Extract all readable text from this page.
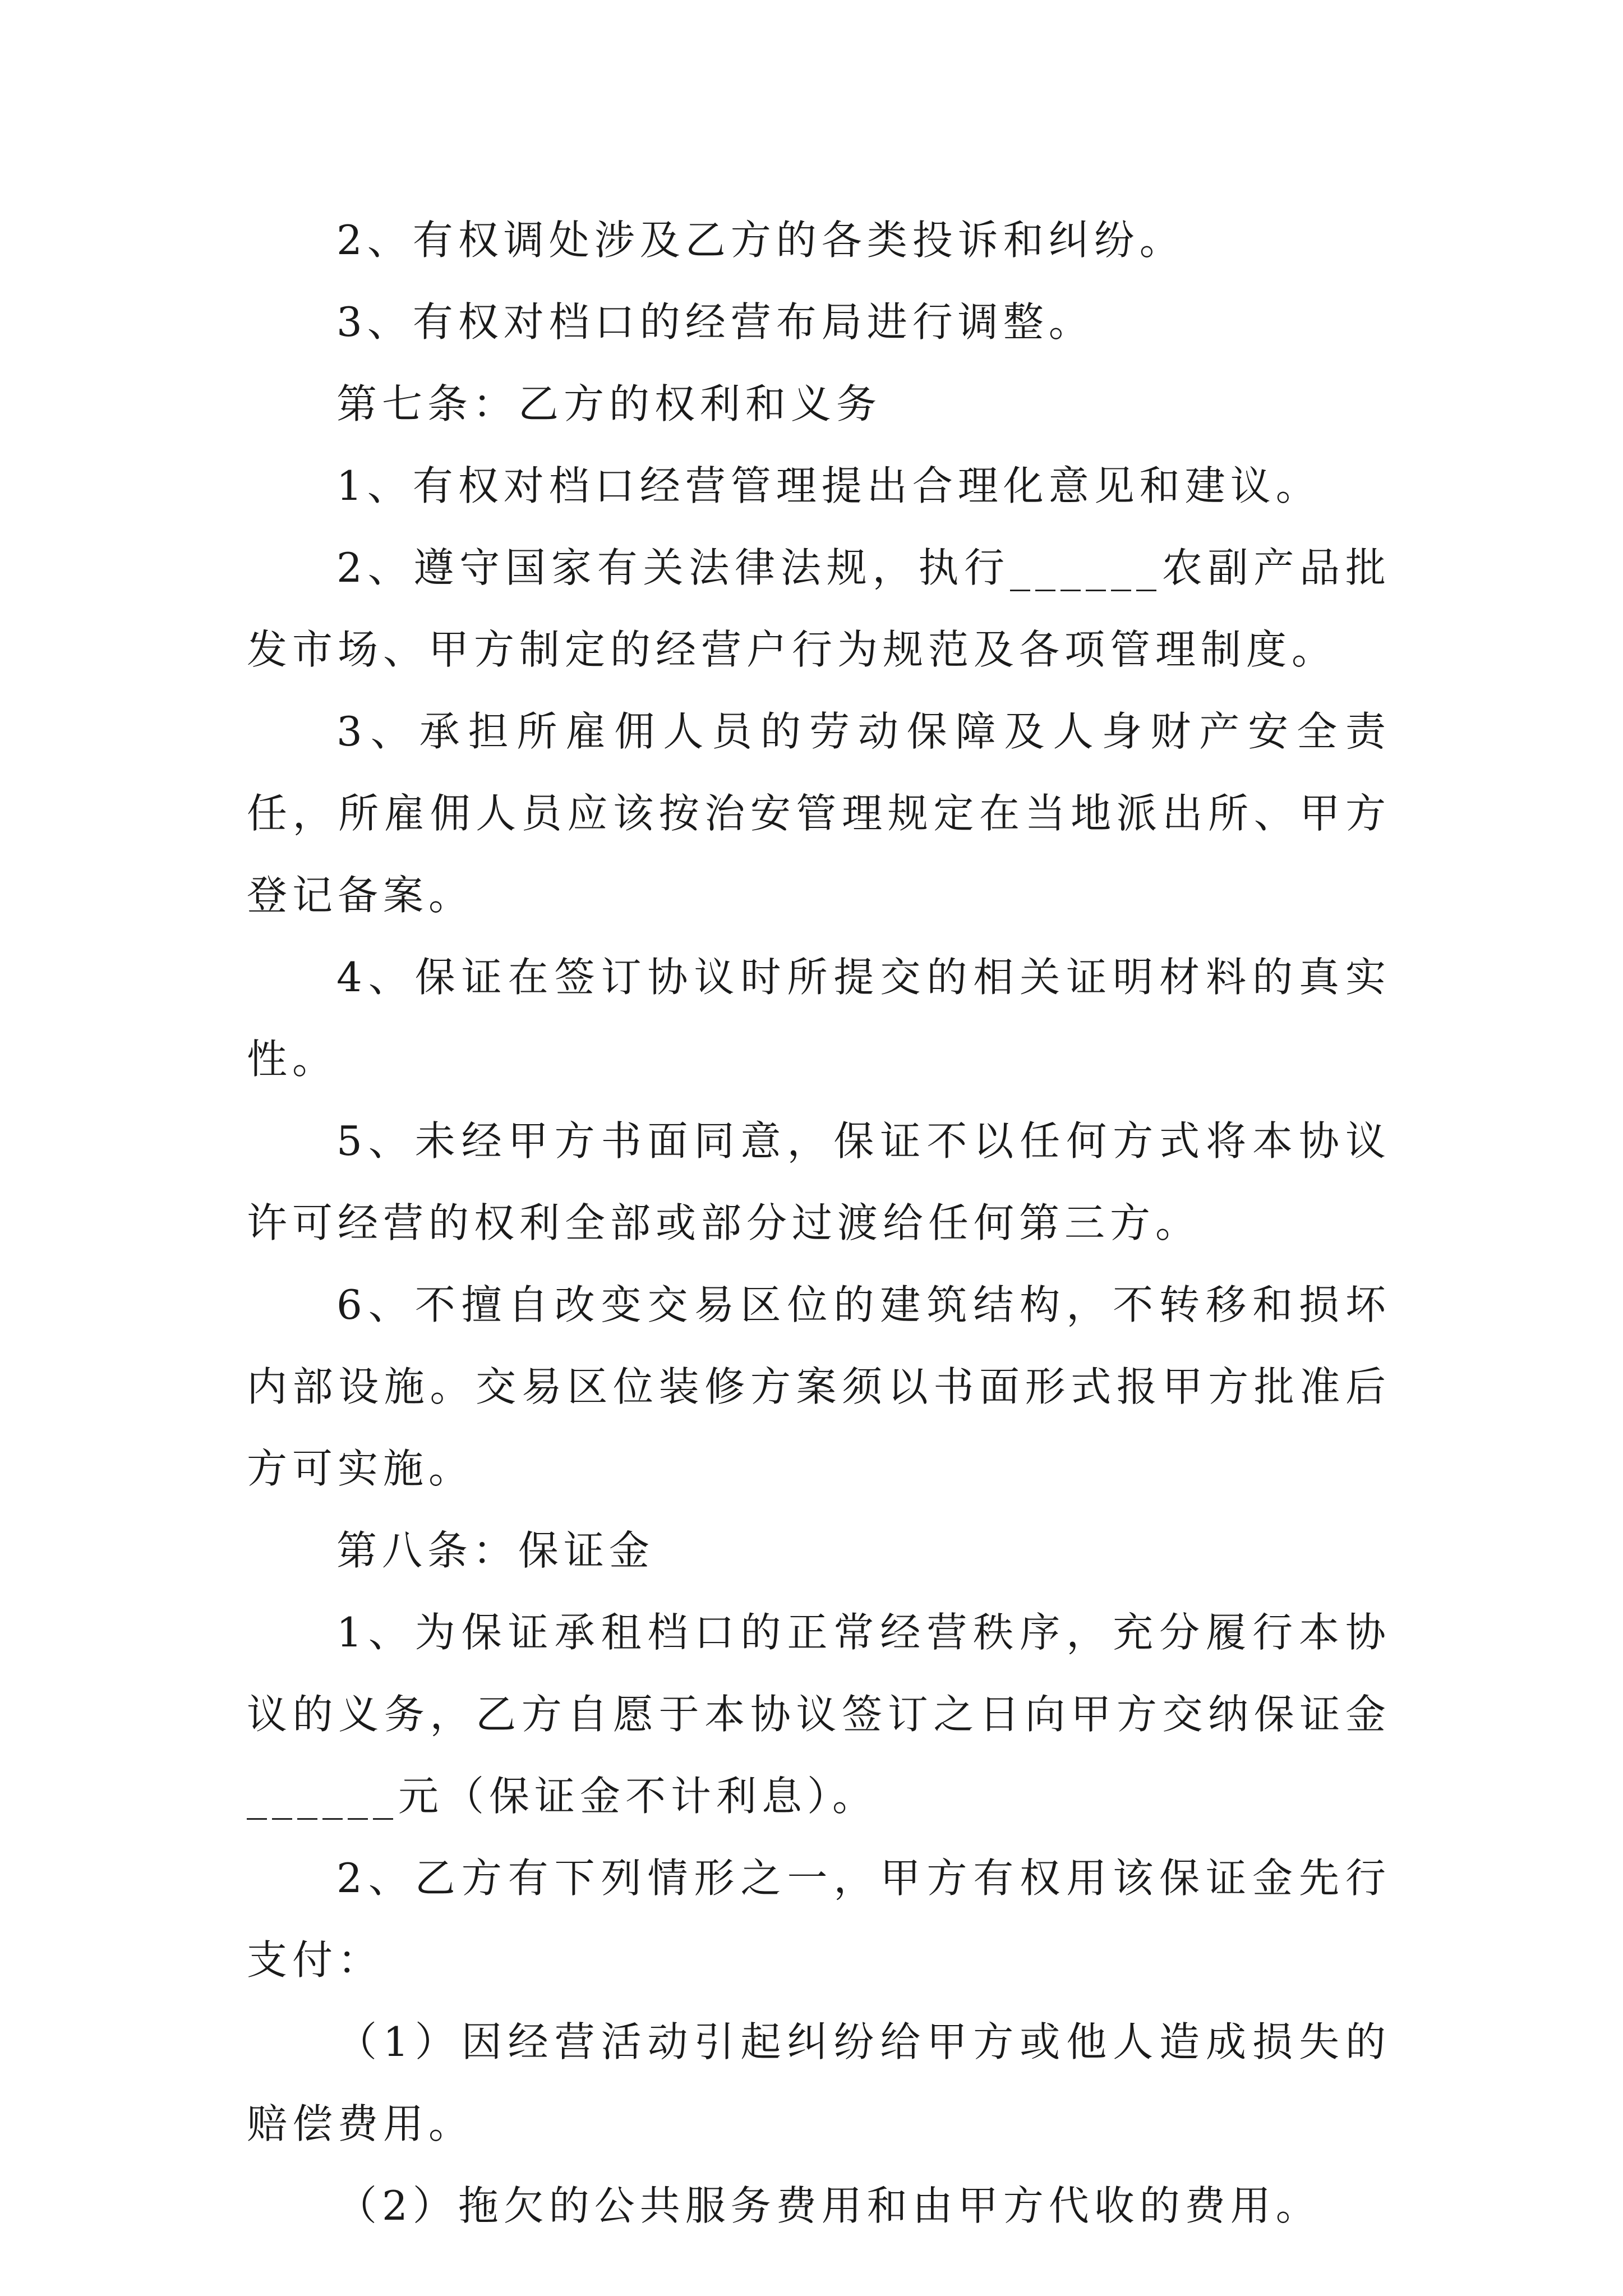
2、有权调处涉及乙方的各类投诉和纠纷。

3、有权对档口的经营布局进行调整。

第七条：乙方的权利和义务

1、有权对档口经营管理提出合理化意见和建议。

2、遵守国家有关法律法规，执行______农副产品批发市场、甲方制定的经营户行为规范及各项管理制度。

3、承担所雇佣人员的劳动保障及人身财产安全责任，所雇佣人员应该按治安管理规定在当地派出所、甲方登记备案。

4、保证在签订协议时所提交的相关证明材料的真实性。

5、未经甲方书面同意，保证不以任何方式将本协议许可经营的权利全部或部分过渡给任何第三方。

6、不擅自改变交易区位的建筑结构，不转移和损坏内部设施。交易区位装修方案须以书面形式报甲方批准后方可实施。

第八条：保证金

1、为保证承租档口的正常经营秩序，充分履行本协议的义务，乙方自愿于本协议签订之日向甲方交纳保证金______元（保证金不计利息）。

2、乙方有下列情形之一，甲方有权用该保证金先行支付：

（1）因经营活动引起纠纷给甲方或他人造成损失的赔偿费用。

（2）拖欠的公共服务费用和由甲方代收的费用。
